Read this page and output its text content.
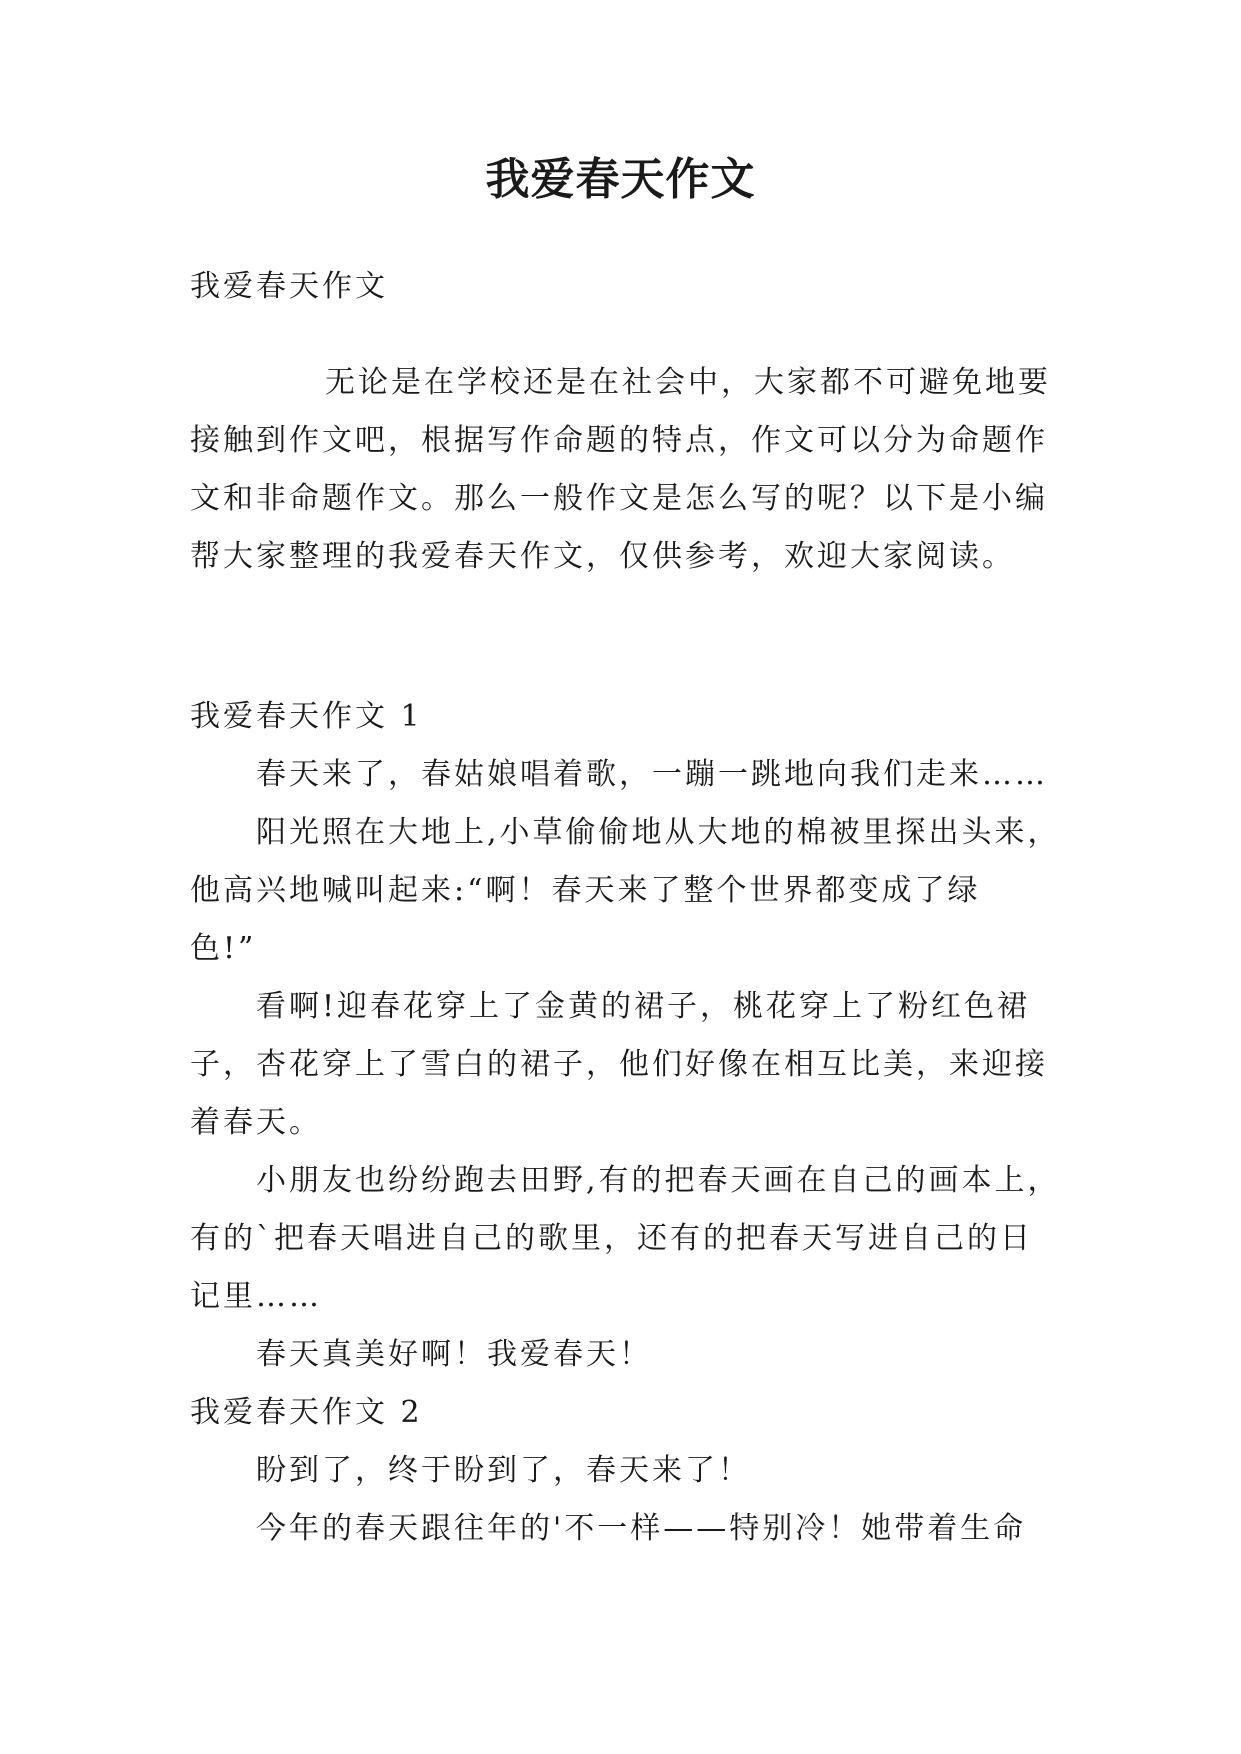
我爱春天作文
我爱春天作文
无论是在学校还是在社会中，大家都不可避免地要
接触到作文吧，根据写作命题的特点，作文可以分为命题作
文和非命题作文。那么一般作文是怎么写的呢？以下是小编
帮大家整理的我爱春天作文，仅供参考，欢迎大家阅读。
我爱春天作文 1
春天来了，春姑娘唱着歌，一蹦一跳地向我们走来……
阳光照在大地上,小草偷偷地从大地的棉被里探出头来，
他高兴地喊叫起来:“啊！春天来了整个世界都变成了绿
色!”
看啊!迎春花穿上了金黄的裙子，桃花穿上了粉红色裙
子，杏花穿上了雪白的裙子，他们好像在相互比美，来迎接
着春天。
小朋友也纷纷跑去田野,有的把春天画在自己的画本上，
有的`把春天唱进自己的歌里，还有的把春天写进自己的日
记里……
春天真美好啊！我爱春天！
我爱春天作文 2
盼到了，终于盼到了，春天来了！
今年的春天跟往年的'不一样——特别冷！她带着生命
